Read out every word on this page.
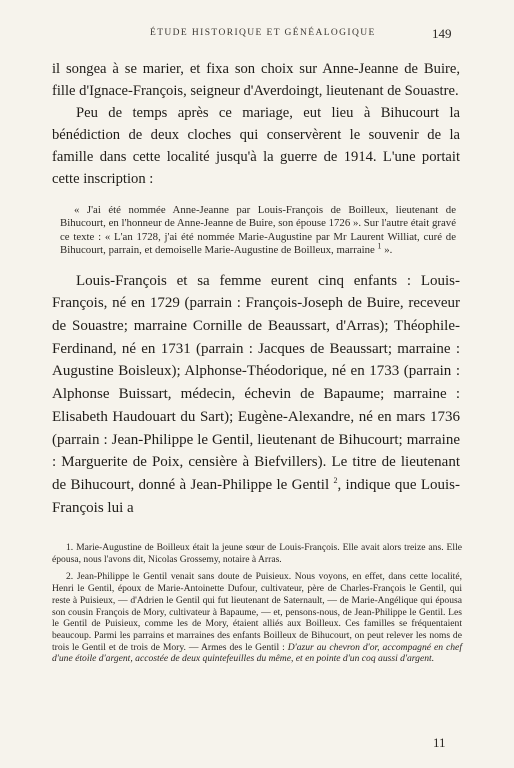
ÉTUDE HISTORIQUE ET GÉNÉALOGIQUE	149

il songea à se marier, et fixa son choix sur Anne-Jeanne de Buire, fille d'Ignace-François, seigneur d'Averdoingt, lieutenant de Souastre.

Peu de temps après ce mariage, eut lieu à Bihucourt la bénédiction de deux cloches qui conservèrent le souvenir de la famille dans cette localité jusqu'à la guerre de 1914. L'une portait cette inscription :

« J'ai été nommée Anne-Jeanne par Louis-François de Boilleux, lieutenant de Bihucourt, en l'honneur de Anne-Jeanne de Buire, son épouse 1726 ». Sur l'autre était gravé ce texte : « L'an 1728, j'ai été nommée Marie-Augustine par Mr Laurent Williat, curé de Bihucourt, parrain, et demoiselle Marie-Augustine de Boilleux, marraine $^1$ ».

Louis-François et sa femme eurent cinq enfants : Louis-François, né en 1729 (parrain : François-Joseph de Buire, receveur de Souastre; marraine Cornille de Beaussart, d'Arras); Théophile-Ferdinand, né en 1731 (parrain : Jacques de Beaussart; marraine : Augustine Boisleux); Alphonse-Théodorique, né en 1733 (parrain : Alphonse Buissart, médecin, échevin de Bapaume; marraine : Elisabeth Haudouart du Sart); Eugène-Alexandre, né en mars 1736 (parrain : Jean-Philippe le Gentil, lieutenant de Bihucourt; marraine : Marguerite de Poix, censière à Biefvillers). Le titre de lieutenant de Bihucourt, donné à Jean-Philippe le Gentil $^2$, indique que Louis-François lui a

1. Marie-Augustine de Boilleux était la jeune sœur de Louis-François. Elle avait alors treize ans. Elle épousa, nous l'avons dit, Nicolas Grossemy, notaire à Arras.

2. Jean-Philippe le Gentil venait sans doute de Puisieux. Nous voyons, en effet, dans cette localité, Henri le Gentil, époux de Marie-Antoinette Dufour, cultivateur, père de Charles-François le Gentil, qui reste à Puisieux, — d'Adrien le Gentil qui fut lieutenant de Saternault, — de Marie-Angélique qui épousa son cousin François de Mory, cultivateur à Bapaume, — et, pensons-nous, de Jean-Philippe le Gentil. Les le Gentil de Puisieux, comme les de Mory, étaient alliés aux Boilleux. Ces familles se fréquentaient beaucoup. Parmi les parrains et marraines des enfants Boilleux de Bihucourt, on peut relever les noms de trois le Gentil et de trois de Mory. — Armes des le Gentil : D'azur au chevron d'or, accompagné en chef d'une étoile d'argent, accostée de deux quintefeuilles du même, et en pointe d'un coq aussi d'argent.

11
